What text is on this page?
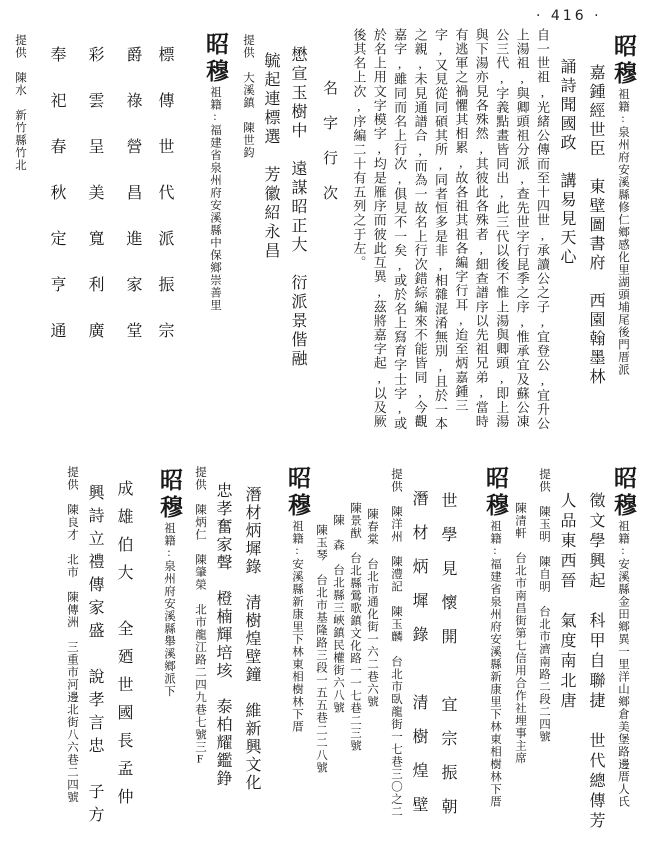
· 416 ·
昭穆祖籍:泉州府安溪縣修仁鄉感化里湖頭埔尾後門厝派
嘉鍾經世臣　東壁圖書府　西園翰墨林
誦詩聞國政　講易見天心
自一世祖,光緒公傳而至十四世,承讀公之子,宜登公,宜升公上湯祖,與卿頭祖分派,查先世字行昆季之序,惟承宜及蘇公凍公三代,字義點畫皆同出,此三代以後不惟上湯與卿頭,即上湯與下湯亦見各殊然,其彼此各殊者,細查譜序以先祖兄弟,當時有逃軍之禍懼其相累,故各祖其祖各編字行耳,迨至炳嘉鍾三字,又見從同碩其所,同者恒多是非,相雜混淆無別,且於一本之親,未見通譜合,而為一故名上行次錯綜編來不能皆同,今觀嘉字,雖同而名上行次,俱見不一矣,或於名上寫育字士字,或於名上用文字模字,均是雁序而彼此互異,茲將嘉字起,以及厥後其名上次,序編二十有五列之于左。
名字行次
懋宣玉樹中　遠謀昭正大　衍派景偕融
毓起連標選　芳徽紹永昌
提供　大溪鎮　陳世鈞
昭穆祖籍:福建省泉州府安溪縣中保鄉崇善里
標傳世代派振宗
爵祿營昌進家堂
彩雲呈美寬利廣
奉祀春秋定亨通
提供　陳水　新竹縣竹北
昭穆祖籍:安溪縣金田鄉異一里洋山鄉倉美堡路邊厝人氏
徵文學興起　科甲自聯捷　世代總傳芳
人品東西晉　氣度南北唐
提供　陳玉明　陳自明　台北市濟南路二段二四號
陳清軒　台北市南昌街第七信用合作社埋事主席
昭穆祖籍:福建省泉州府安溪縣新康里下林東相樹林下厝
世學見懷開　宜宗振朝
潛材炳墀錄　清樹煌壁
提供　陳洋州　陳澧記　陳玉麟　台北市臥龍街一七巷三〇之二
陳春棠　台北市通化街一六二巷六號
陳景猷　台北縣鶯歌鎮文化路一一七巷二三號
陳　森　台北縣三峽鎮民權街六八號
陳玉琴　台北市基隆路三段一五五巷二二八號
昭穆祖籍:安溪縣新康里下林東相樹林下厝
潛材炳墀錄　清樹煌壁鐘　維新興文化
忠孝奮家聲　橙楠輝培垓　泰柏耀鑑錚
提供　陳炳仁　陳肇榮　北市龍江路二四九巷七號三F
昭穆祖籍:泉州府安溪縣舉溪鄉派下
成雄伯大　全廼世國長孟仲
興詩立禮傳家盛　說孝言忠　子方
提供　陳良才　北市　陳傳洲　三重市河邊北街八六巷二四號
